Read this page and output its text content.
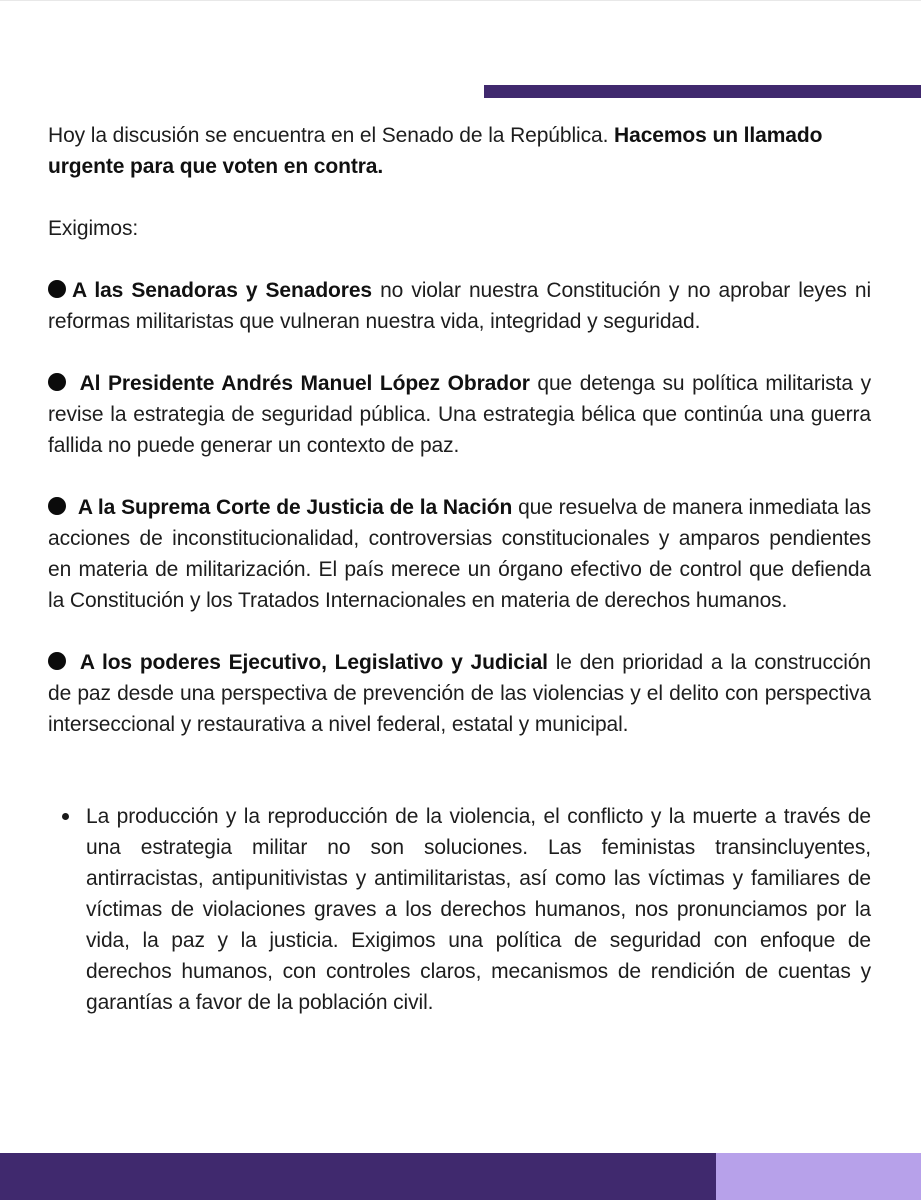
Hoy la discusión se encuentra en el Senado de la República. Hacemos un llamado urgente para que voten en contra.

Exigimos:

A las Senadoras y Senadores no violar nuestra Constitución y no aprobar leyes ni reformas militaristas que vulneran nuestra vida, integridad y seguridad.

Al Presidente Andrés Manuel López Obrador que detenga su política militarista y revise la estrategia de seguridad pública. Una estrategia bélica que continúa una guerra fallida no puede generar un contexto de paz.

A la Suprema Corte de Justicia de la Nación que resuelva de manera inmediata las acciones de inconstitucionalidad, controversias constitucionales y amparos pendientes en materia de militarización. El país merece un órgano efectivo de control que defienda la Constitución y los Tratados Internacionales en materia de derechos humanos.

A los poderes Ejecutivo, Legislativo y Judicial le den prioridad a la construcción de paz desde una perspectiva de prevención de las violencias y el delito con perspectiva interseccional y restaurativa a nivel federal, estatal y municipal.

La producción y la reproducción de la violencia, el conflicto y la muerte a través de una estrategia militar no son soluciones. Las feministas transincluyentes, antirracistas, antipunitivistas y antimilitaristas, así como las víctimas y familiares de víctimas de violaciones graves a los derechos humanos, nos pronunciamos por la vida, la paz y la justicia. Exigimos una política de seguridad con enfoque de derechos humanos, con controles claros, mecanismos de rendición de cuentas y garantías a favor de la población civil.
